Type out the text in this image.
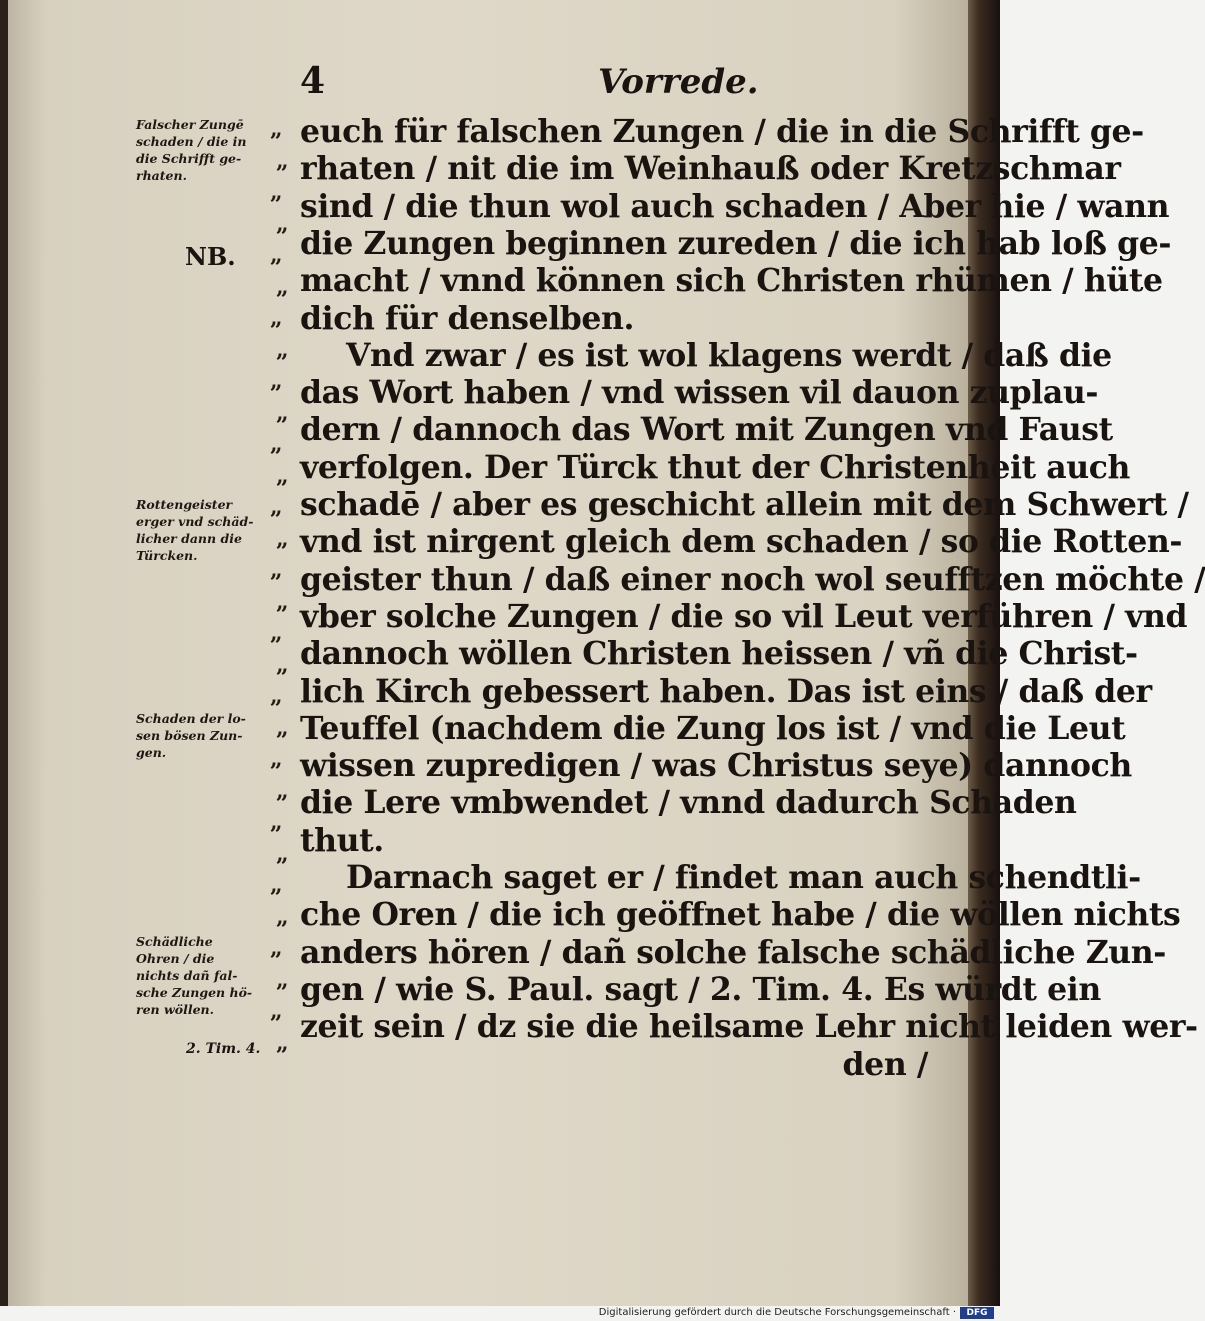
4	Vorrede.
euch für falschen Zungen / die in die Schrifft ge-
rhaten / nit die im Weinhauß oder Kretzschmar
sind / die thun wol auch schaden / Aber hie / wann
die Zungen beginnen zureden / die ich hab loß ge-
macht / vnnd können sich Christen rhümen / hüte
dich für denselben.
Vnd zwar / es ist wol klagens werdt / daß die
das Wort haben / vnd wissen vil dauon zuplau-
dern / dannoch das Wort mit Zungen vnd Faust
verfolgen. Der Türck thut der Christenheit auch
schadē / aber es geschicht allein mit dem Schwert /
vnd ist nirgent gleich dem schaden / so die Rotten-
geister thun / daß einer noch wol seufftzen möchte /
vber solche Zungen / die so vil Leut verführen / vnd
dannoch wöllen Christen heissen / vñ die Christ-
lich Kirch gebessert haben. Das ist eins / daß der
Teuffel (nachdem die Zung los ist / vnd die Leut
wissen zupredigen / was Christus seye) dannoch
die Lere vmbwendet / vnnd dadurch Schaden
thut.
Darnach saget er / findet man auch schendtli-
che Oren / die ich geöffnet habe / die wöllen nichts
anders hören / dañ solche falsche schädliche Zun-
gen / wie S. Paul. sagt / 2. Tim. 4. Es würdt ein
zeit sein / dz sie die heilsame Lehr nicht leiden wer-
den /
„
„
„
„
„
„
„
„
„
„
„
„
„
„
„
„
„
„
„
„
„
„
„
„
„
„
„
„
„
„
Falscher Zungē
schaden / die in
die Schrifft ge-
rhaten.
NB.
Rottengeister
erger vnd schäd-
licher dann die
Türcken.
Schaden der lo-
sen bösen Zun-
gen.
Schädliche
Ohren / die
nichts dañ fal-
sche Zungen hö-
ren wöllen.
2. Tim. 4.
Digitalisierung gefördert durch die Deutsche Forschungsgemeinschaft ·	DFG
